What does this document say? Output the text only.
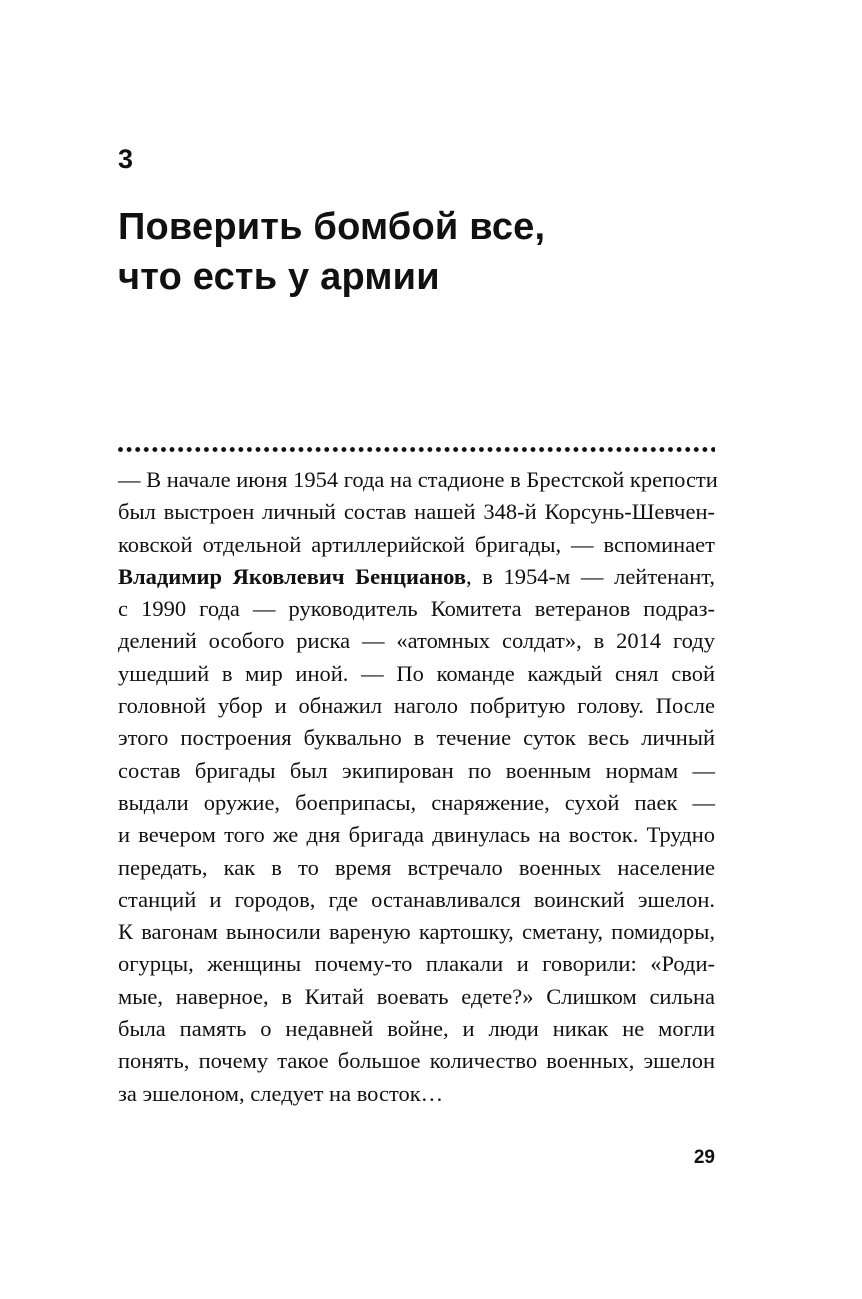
3
Поверить бомбой все,
что есть у армии
— В начале июня 1954 года на стадионе в Брестской крепости
был выстроен личный состав нашей 348-й Корсунь-Шевчен-
ковской отдельной артиллерийской бригады, — вспоминает
Владимир Яковлевич Бенцианов, в 1954-м — лейтенант,
с 1990 года — руководитель Комитета ветеранов подраз-
делений особого риска — «атомных солдат», в 2014 году
ушедший в мир иной. — По команде каждый снял свой
головной убор и обнажил наголо побритую голову. После
этого построения буквально в течение суток весь личный
состав бригады был экипирован по военным нормам —
выдали оружие, боеприпасы, снаряжение, сухой паек —
и вечером того же дня бригада двинулась на восток. Трудно
передать, как в то время встречало военных население
станций и городов, где останавливался воинский эшелон.
К вагонам выносили вареную картошку, сметану, помидоры,
огурцы, женщины почему-то плакали и говорили: «Роди-
мые, наверное, в Китай воевать едете?» Слишком сильна
была память о недавней войне, и люди никак не могли
понять, почему такое большое количество военных, эшелон
за эшелоном, следует на восток…
29
